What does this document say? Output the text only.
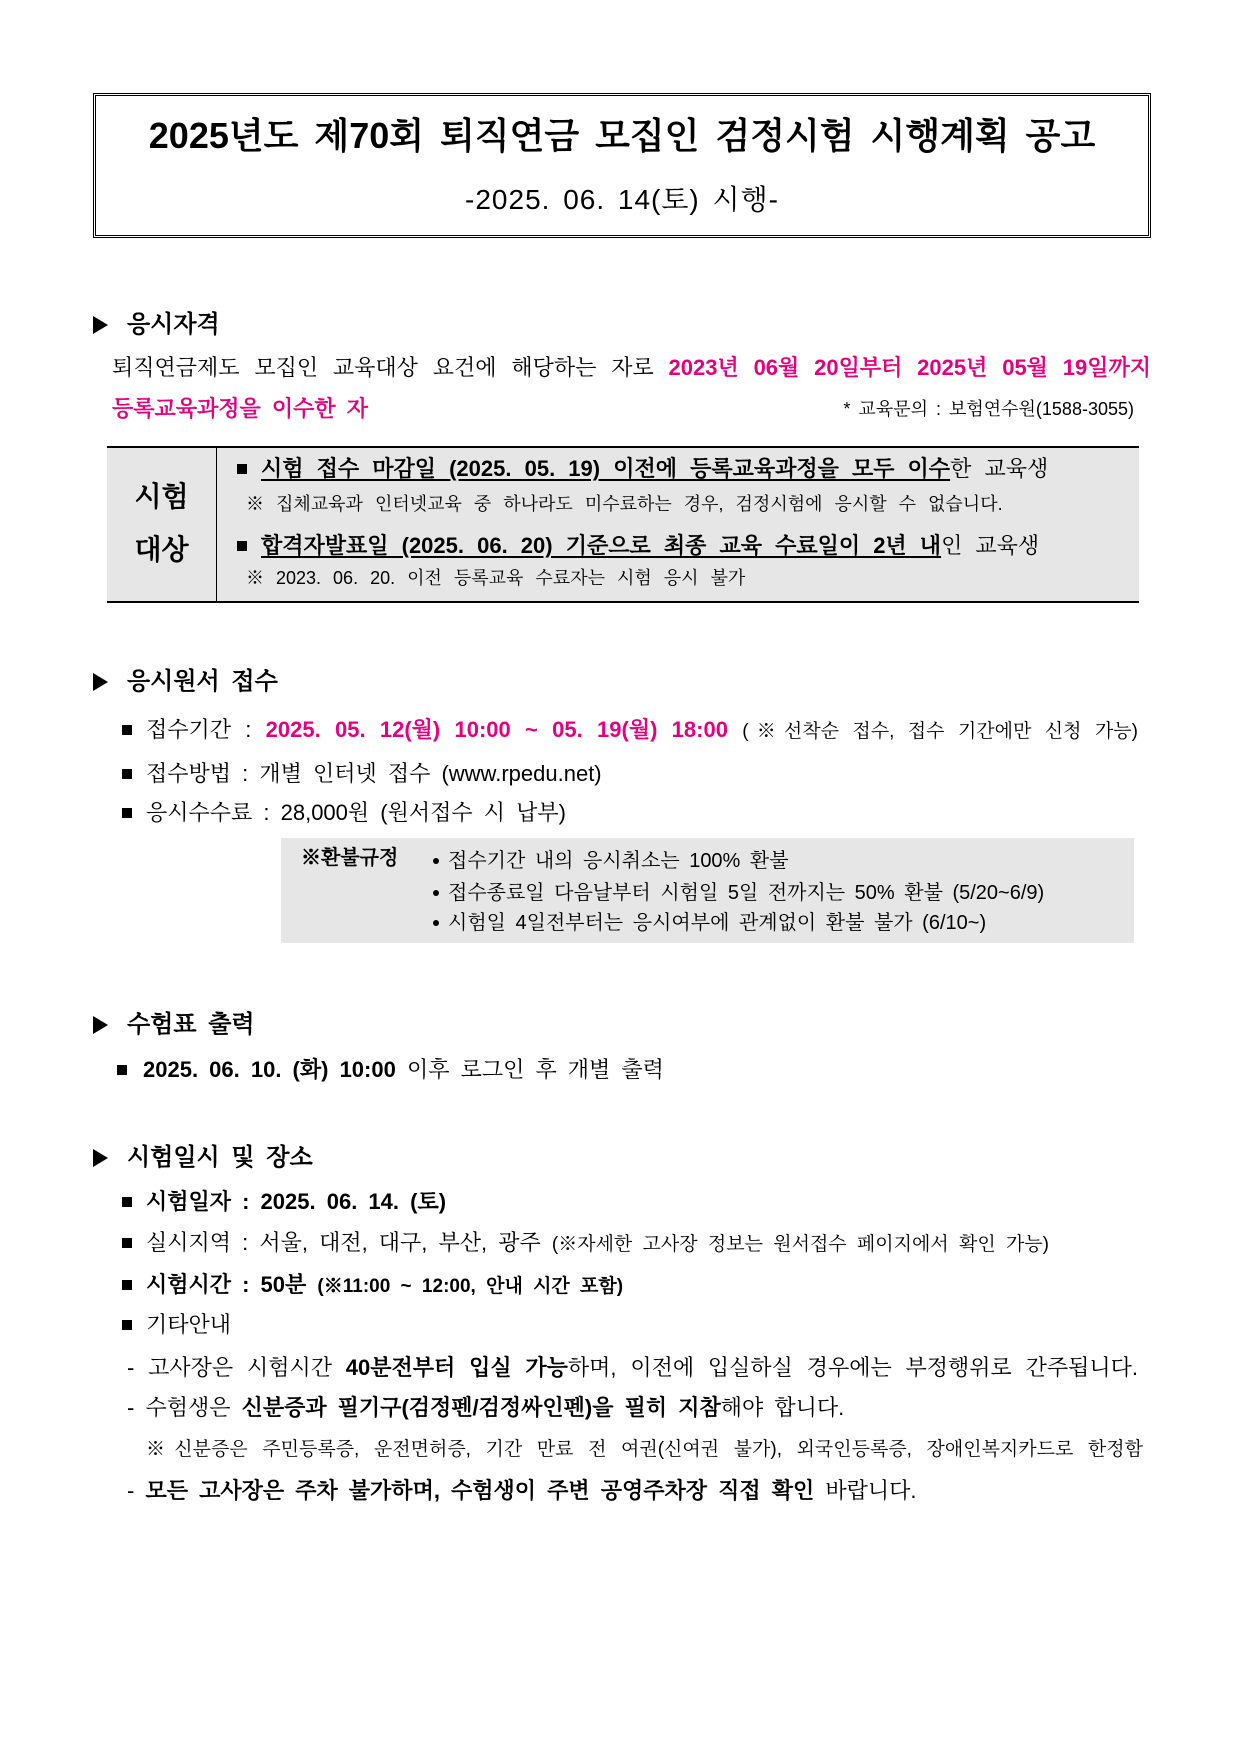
2025년도 제70회 퇴직연금 모집인 검정시험 시행계획 공고
-2025. 06. 14(토) 시행-
응시자격
퇴직연금제도 모집인 교육대상 요건에 해당하는 자로 2023년 06월 20일부터 2025년 05월 19일까지
등록교육과정을 이수한 자	* 교육문의 : 보험연수원(1588-3055)
시험
대상
시험 접수 마감일 (2025. 05. 19) 이전에 등록교육과정을 모두 이수한 교육생
※ 집체교육과 인터넷교육 중 하나라도 미수료하는 경우, 검정시험에 응시할 수 없습니다.
합격자발표일 (2025. 06. 20) 기준으로 최종 교육 수료일이 2년 내인 교육생
※ 2023. 06. 20. 이전 등록교육 수료자는 시험 응시 불가
응시원서 접수
접수기간 : 2025. 05. 12(월) 10:00 ~ 05. 19(월) 18:00 (※선착순 접수, 접수 기간에만 신청 가능)
접수방법 : 개별 인터넷 접수 (www.rpedu.net)
응시수수료 : 28,000원 (원서접수 시 납부)
※환불규정 접수기간 내의 응시취소는 100% 환불
접수종료일 다음날부터 시험일 5일 전까지는 50% 환불 (5/20~6/9)
시험일 4일전부터는 응시여부에 관계없이 환불 불가 (6/10~)
수험표 출력
2025. 06. 10. (화) 10:00 이후 로그인 후 개별 출력
시험일시 및 장소
시험일자 : 2025. 06. 14. (토)
실시지역 : 서울, 대전, 대구, 부산, 광주 (※자세한 고사장 정보는 원서접수 페이지에서 확인 가능)
시험시간 : 50분 (※11:00 ~ 12:00, 안내 시간 포함)
기타안내
- 고사장은 시험시간 40분전부터 입실 가능하며, 이전에 입실하실 경우에는 부정행위로 간주됩니다.
- 수험생은 신분증과 필기구(검정펜/검정싸인펜)을 필히 지참해야 합니다.
※신분증은 주민등록증, 운전면허증, 기간 만료 전 여권(신여권 불가), 외국인등록증, 장애인복지카드로 한정함
- 모든 고사장은 주차 불가하며, 수험생이 주변 공영주차장 직접 확인 바랍니다.
